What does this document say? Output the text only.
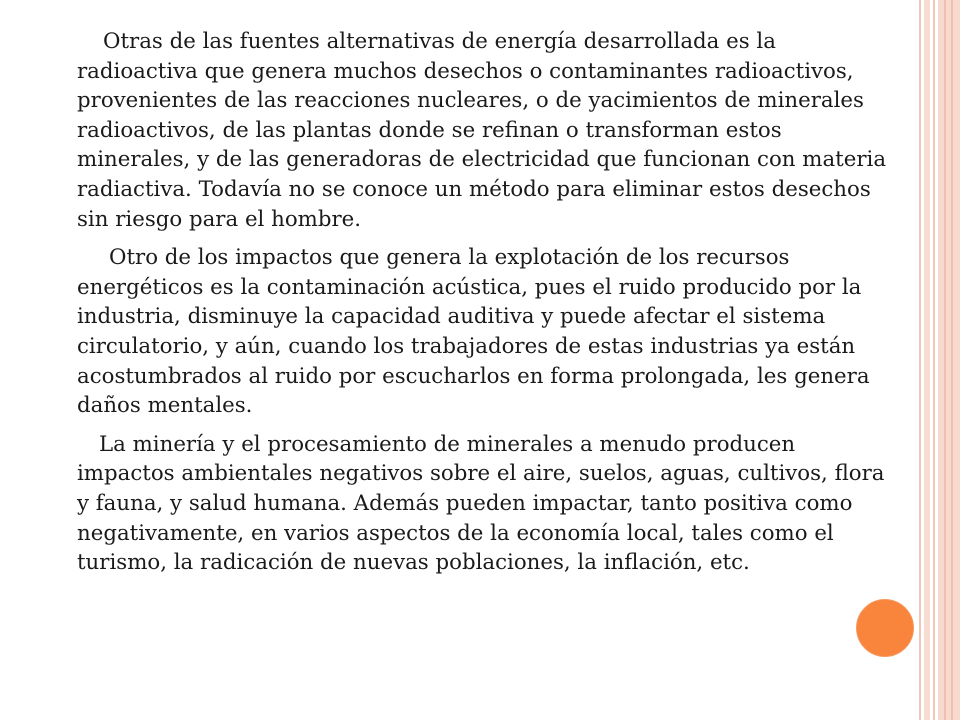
Otras de las fuentes alternativas de energía desarrollada es la radioactiva que genera muchos desechos o contaminantes radioactivos, provenientes de las reacciones nucleares, o de yacimientos de minerales radioactivos, de las plantas donde se refinan o transforman estos minerales, y de las generadoras de electricidad que funcionan con materia radiactiva. Todavía no se conoce un método para eliminar estos desechos sin riesgo para el hombre.

Otro de los impactos que genera la explotación de los recursos energéticos es la contaminación acústica, pues el ruido producido por la industria, disminuye la capacidad auditiva y puede afectar el sistema circulatorio, y aún, cuando los trabajadores de estas industrias ya están acostumbrados al ruido por escucharlos en forma prolongada, les genera daños mentales.

La minería y el procesamiento de minerales a menudo producen impactos ambientales negativos sobre el aire, suelos, aguas, cultivos, flora y fauna, y salud humana. Además pueden impactar, tanto positiva como negativamente, en varios aspectos de la economía local, tales como el turismo, la radicación de nuevas poblaciones, la inflación, etc.
